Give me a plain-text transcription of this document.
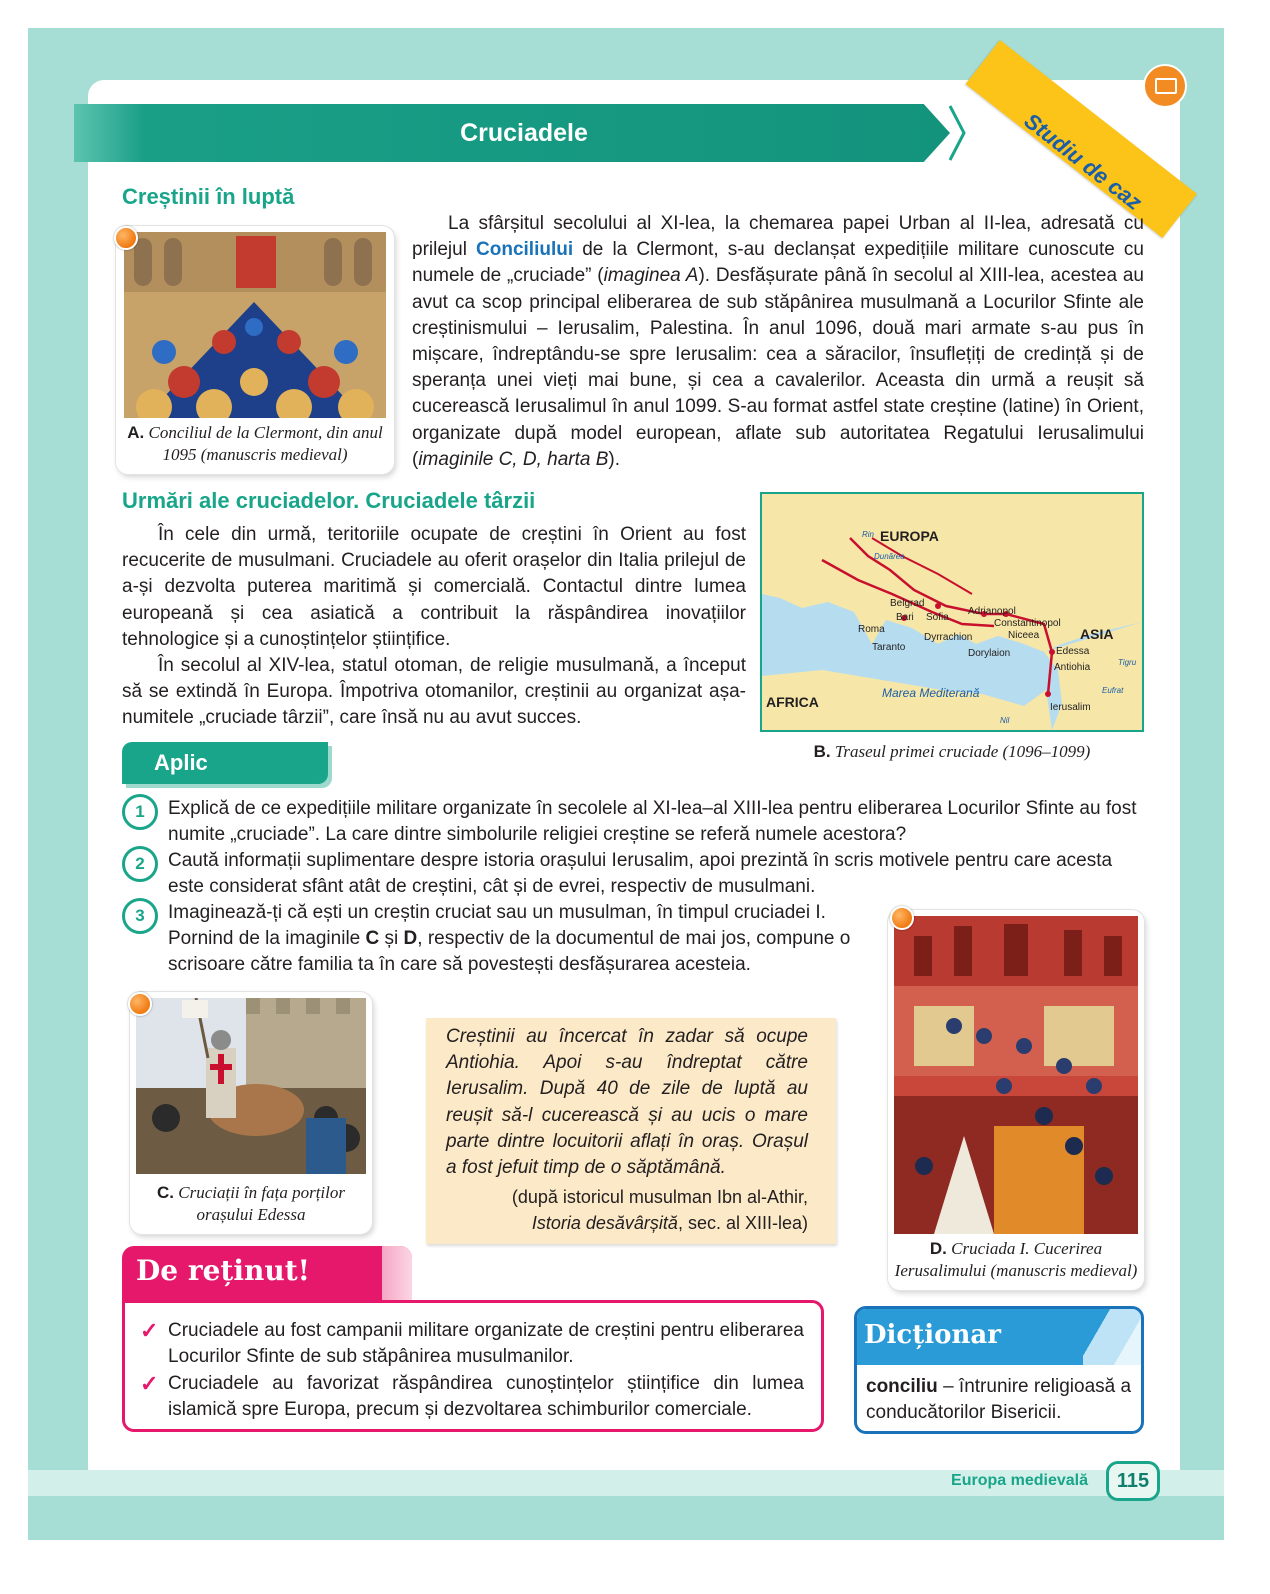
Studiu de caz
Cruciadele
Creștinii în luptă
A. Conciliul de la Clermont, din anul 1095 (manuscris medieval)
La sfârșitul secolului al XI-lea, la chemarea papei Urban al II-lea, adresată cu prilejul Conciliului de la Clermont, s-au declanșat expedițiile militare cunoscute cu numele de „cruciade” (imaginea A). Desfășurate până în secolul al XIII-lea, acestea au avut ca scop principal eliberarea de sub stăpânirea musulmană a Locurilor Sfinte ale creștinismului – Ierusalim, Palestina. În anul 1096, două mari armate s-au pus în mișcare, îndreptându-se spre Ierusalim: cea a săracilor, însuflețiți de credință și de speranța unei vieți mai bune, și cea a cavalerilor. Aceasta din urmă a reușit să cucerească Ierusalimul în anul 1099. S-au format astfel state creștine (latine) în Orient, organizate după model european, aflate sub autoritatea Regatului Ierusalimului (imaginile C, D, harta B).
Urmări ale cruciadelor. Cruciadele târzii
În cele din urmă, teritoriile ocupate de creștini în Orient au fost recucerite de musulmani. Cruciadele au oferit orașelor din Italia prilejul de a-și dezvolta puterea maritimă și comercială. Contactul dintre lumea europeană și cea asiatică a contribuit la răspândirea inovațiilor tehnologice și a cunoștințelor științifice.
În secolul al XIV-lea, statul otoman, de religie musulmană, a început să se extindă în Europa. Împotriva otomanilor, creștinii au organizat așa-numitele „cruciade târzii”, care însă nu au avut succes.
EUROPA
ASIA
AFRICA
Marea Mediterană
Rin
Dunărea
Tigru
Eufrat
Nil
Belgrad
Sofia
Bari
Adrianopol
Constantinopol
Niceea
Roma
Dyrrachion
Taranto
Dorylaion	Edessa
Antiohia
Ierusalim
B. Traseul primei cruciade (1096–1099)
Aplic
1	Explică de ce expedițiile militare organizate în secolele al XI-lea–al XIII-lea pentru eliberarea Locurilor Sfinte au fost numite „cruciade”. La care dintre simbolurile religiei creștine se referă numele acestora?
2	Caută informații suplimentare despre istoria orașului Ierusalim, apoi prezintă în scris motivele pentru care acesta este considerat sfânt atât de creștini, cât și de evrei, respectiv de musulmani.
3	Imaginează-ți că ești un creștin cruciat sau un musulman, în timpul cruciadei I. Pornind de la imaginile C și D, respectiv de la documentul de mai jos, compune o scrisoare către familia ta în care să povestești desfășurarea acesteia.
C. Cruciații în fața porților orașului Edessa
Creștinii au încercat în zadar să ocupe Antiohia. Apoi s-au îndreptat către Ierusalim. După 40 de zile de luptă au reușit să-l cucerească și au ucis o mare parte dintre locuitorii aflați în oraș. Orașul a fost jefuit timp de o săptămână.
(după istoricul musulman Ibn al-Athir,
Istoria desăvârșită, sec. al XIII-lea)
D. Cruciada I. Cucerirea Ierusalimului (manuscris medieval)
De reținut!
✓ Cruciadele au fost campanii militare organizate de creștini pentru eliberarea Locurilor Sfinte de sub stăpânirea musulmanilor.
✓ Cruciadele au favorizat răspândirea cunoștințelor științifice din lumea islamică spre Europa, precum și dezvoltarea schimburilor comerciale.
Dicționar
conciliu – întrunire religioasă a conducătorilor Bisericii.
Europa medievală	115
